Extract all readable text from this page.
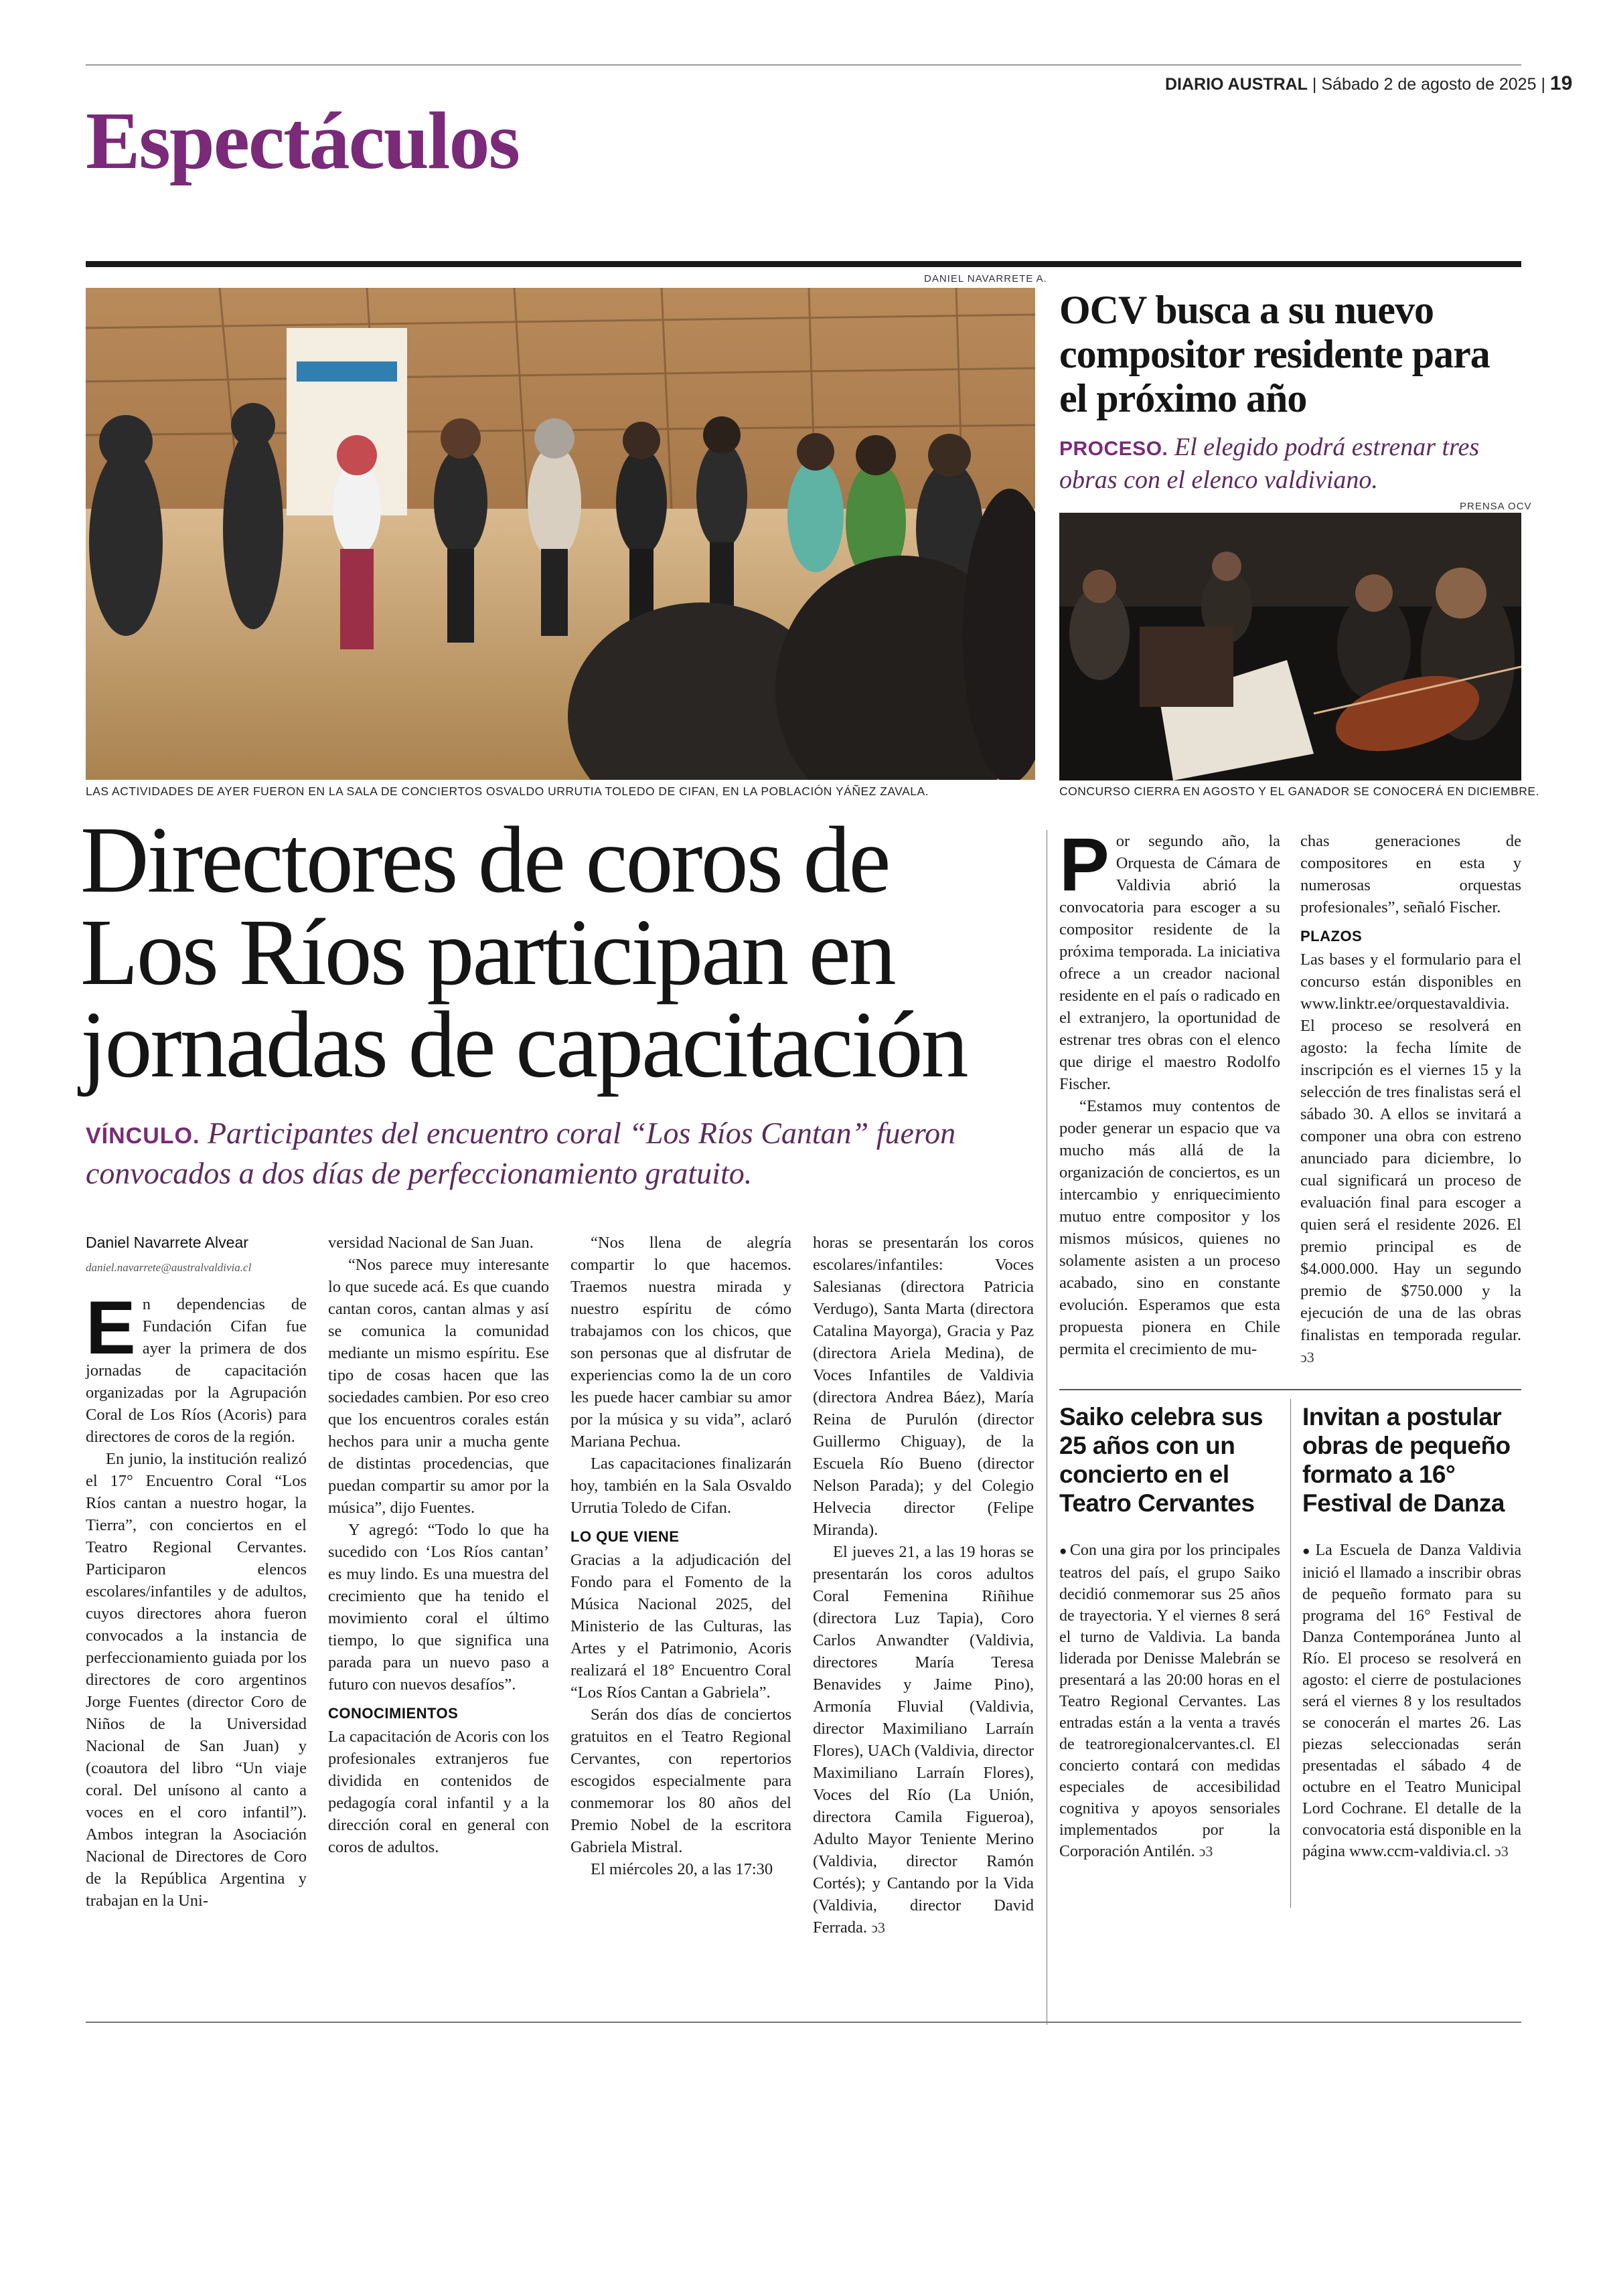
DIARIO AUSTRAL | Sábado 2 de agosto de 2025 | 19
Espectáculos
DANIEL NAVARRETE A.
LAS ACTIVIDADES DE AYER FUERON EN LA SALA DE CONCIERTOS OSVALDO URRUTIA TOLEDO DE CIFAN, EN LA POBLACIÓN YÁÑEZ ZAVALA.
Directores de coros de Los Ríos participan en jornadas de capacitación
VÍNCULO. Participantes del encuentro coral “Los Ríos Cantan” fueron convocados a dos días de perfeccionamiento gratuito.
Daniel Navarrete Alvear
daniel.navarrete@australvaldivia.cl

En dependencias de Fundación Cifan fue ayer la primera de dos jornadas de capacitación organizadas por la Agrupación Coral de Los Ríos (Acoris) para directores de coros de la región.

En junio, la institución realizó el 17° Encuentro Coral “Los Ríos cantan a nuestro hogar, la Tierra”, con conciertos en el Teatro Regional Cervantes. Participaron elencos escolares/infantiles y de adultos, cuyos directores ahora fueron convocados a la instancia de perfeccionamiento guiada por los directores de coro argentinos Jorge Fuentes (director Coro de Niños de la Universidad Nacional de San Juan) y (coautora del libro “Un viaje coral. Del unísono al canto a voces en el coro infantil”). Ambos integran la Asociación Nacional de Directores de Coro de la República Argentina y trabajan en la Uni-

versidad Nacional de San Juan.

“Nos parece muy interesante lo que sucede acá. Es que cuando cantan coros, cantan almas y así se comunica la comunidad mediante un mismo espíritu. Ese tipo de cosas hacen que las sociedades cambien. Por eso creo que los encuentros corales están hechos para unir a mucha gente de distintas procedencias, que puedan compartir su amor por la música”, dijo Fuentes.

Y agregó: “Todo lo que ha sucedido con ‘Los Ríos cantan’ es muy lindo. Es una muestra del crecimiento que ha tenido el movimiento coral el último tiempo, lo que significa una parada para un nuevo paso a futuro con nuevos desafíos”.

CONOCIMIENTOS

La capacitación de Acoris con los profesionales extranjeros fue dividida en contenidos de pedagogía coral infantil y a la dirección coral en general con coros de adultos.

“Nos llena de alegría compartir lo que hacemos. Traemos nuestra mirada y nuestro espíritu de cómo trabajamos con los chicos, que son personas que al disfrutar de experiencias como la de un coro les puede hacer cambiar su amor por la música y su vida”, aclaró Mariana Pechua.

Las capacitaciones finalizarán hoy, también en la Sala Osvaldo Urrutia Toledo de Cifan.

LO QUE VIENE

Gracias a la adjudicación del Fondo para el Fomento de la Música Nacional 2025, del Ministerio de las Culturas, las Artes y el Patrimonio, Acoris realizará el 18° Encuentro Coral “Los Ríos Cantan a Gabriela”.

Serán dos días de conciertos gratuitos en el Teatro Regional Cervantes, con repertorios escogidos especialmente para conmemorar los 80 años del Premio Nobel de la escritora Gabriela Mistral.

El miércoles 20, a las 17:30

horas se presentarán los coros escolares/infantiles: Voces Salesianas (directora Patricia Verdugo), Santa Marta (directora Catalina Mayorga), Gracia y Paz (directora Ariela Medina), de Voces Infantiles de Valdivia (directora Andrea Báez), María Reina de Purulón (director Guillermo Chiguay), de la Escuela Río Bueno (director Nelson Parada); y del Colegio Helvecia director (Felipe Miranda).

El jueves 21, a las 19 horas se presentarán los coros adultos Coral Femenina Riñihue (directora Luz Tapia), Coro Carlos Anwandter (Valdivia, directores María Teresa Benavides y Jaime Pino), Armonía Fluvial (Valdivia, director Maximiliano Larraín Flores), UACh (Valdivia, director Maximiliano Larraín Flores), Voces del Río (La Unión, directora Camila Figueroa), Adulto Mayor Teniente Merino (Valdivia, director Ramón Cortés); y Cantando por la Vida (Valdivia, director David Ferrada. ↄ3

OCV busca a su nuevo compositor residente para el próximo año
PROCESO. El elegido podrá estrenar tres obras con el elenco valdiviano.
PRENSA OCV
CONCURSO CIERRA EN AGOSTO Y EL GANADOR SE CONOCERÁ EN DICIEMBRE.

Por segundo año, la Orquesta de Cámara de Valdivia abrió la convocatoria para escoger a su compositor residente de la próxima temporada. La iniciativa ofrece a un creador nacional residente en el país o radicado en el extranjero, la oportunidad de estrenar tres obras con el elenco que dirige el maestro Rodolfo Fischer.

“Estamos muy contentos de poder generar un espacio que va mucho más allá de la organización de conciertos, es un intercambio y enriquecimiento mutuo entre compositor y los mismos músicos, quienes no solamente asisten a un proceso acabado, sino en constante evolución. Esperamos que esta propuesta pionera en Chile permita el crecimiento de mu-

chas generaciones de compositores en esta y numerosas orquestas profesionales”, señaló Fischer.

PLAZOS

Las bases y el formulario para el concurso están disponibles en www.linktr.ee/orquestavaldivia. El proceso se resolverá en agosto: la fecha límite de inscripción es el viernes 15 y la selección de tres finalistas será el sábado 30. A ellos se invitará a componer una obra con estreno anunciado para diciembre, lo cual significará un proceso de evaluación final para escoger a quien será el residente 2026. El premio principal es de $4.000.000. Hay un segundo premio de $750.000 y la ejecución de una de las obras finalistas en temporada regular. ↄ3

Saiko celebra sus 25 años con un concierto en el Teatro Cervantes
● Con una gira por los principales teatros del país, el grupo Saiko decidió conmemorar sus 25 años de trayectoria. Y el viernes 8 será el turno de Valdivia. La banda liderada por Denisse Malebrán se presentará a las 20:00 horas en el Teatro Regional Cervantes. Las entradas están a la venta a través de teatroregionalcervantes.cl. El concierto contará con medidas especiales de accesibilidad cognitiva y apoyos sensoriales implementados por la Corporación Antilén. ↄ3
Invitan a postular obras de pequeño formato a 16° Festival de Danza
● La Escuela de Danza Valdivia inició el llamado a inscribir obras de pequeño formato para su programa del 16° Festival de Danza Contemporánea Junto al Río. El proceso se resolverá en agosto: el cierre de postulaciones será el viernes 8 y los resultados se conocerán el martes 26. Las piezas seleccionadas serán presentadas el sábado 4 de octubre en el Teatro Municipal Lord Cochrane. El detalle de la convocatoria está disponible en la página www.ccm-valdivia.cl. ↄ3
